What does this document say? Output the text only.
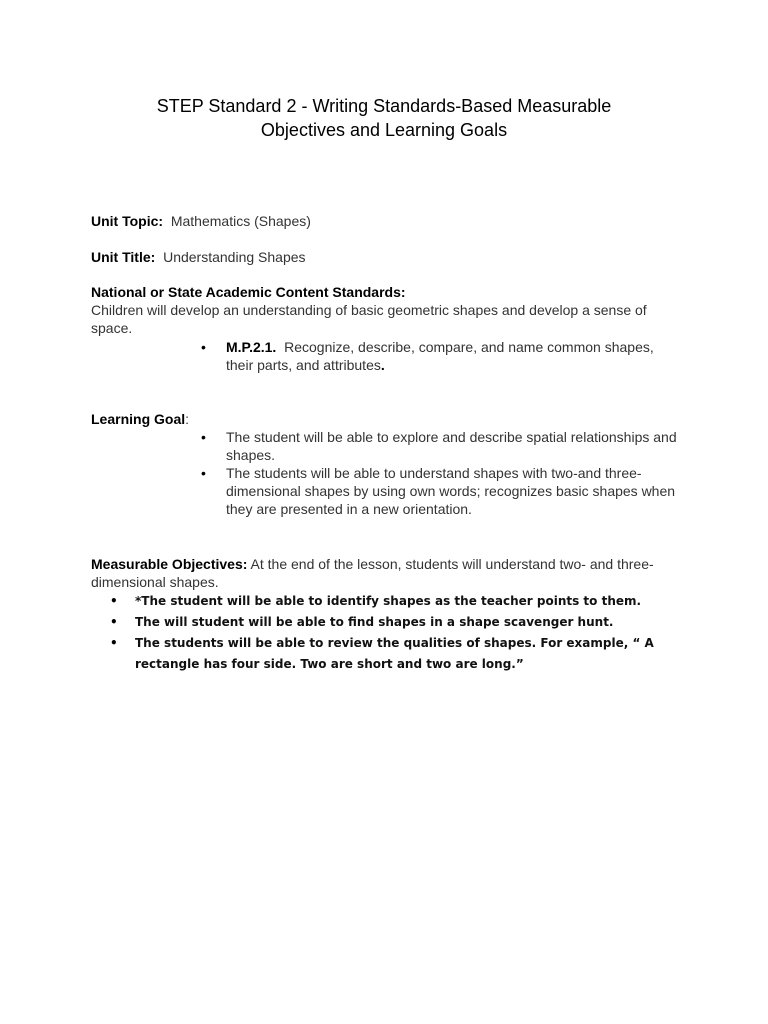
STEP Standard 2 - Writing Standards-Based Measurable
Objectives and Learning Goals
Unit Topic: Mathematics (Shapes)
Unit Title: Understanding Shapes
National or State Academic Content Standards:
Children will develop an understanding of basic geometric shapes and develop a sense of space.
• M.P.2.1. Recognize, describe, compare, and name common shapes, their parts, and attributes.
Learning Goal:
• The student will be able to explore and describe spatial relationships and shapes.
• The students will be able to understand shapes with two-and three-dimensional shapes by using own words; recognizes basic shapes when they are presented in a new orientation.
Measurable Objectives: At the end of the lesson, students will understand two- and three- dimensional shapes.
• *The student will be able to identify shapes as the teacher points to them.
• The will student will be able to find shapes in a shape scavenger hunt.
• The students will be able to review the qualities of shapes. For example, “ A rectangle has four side. Two are short and two are long.”
